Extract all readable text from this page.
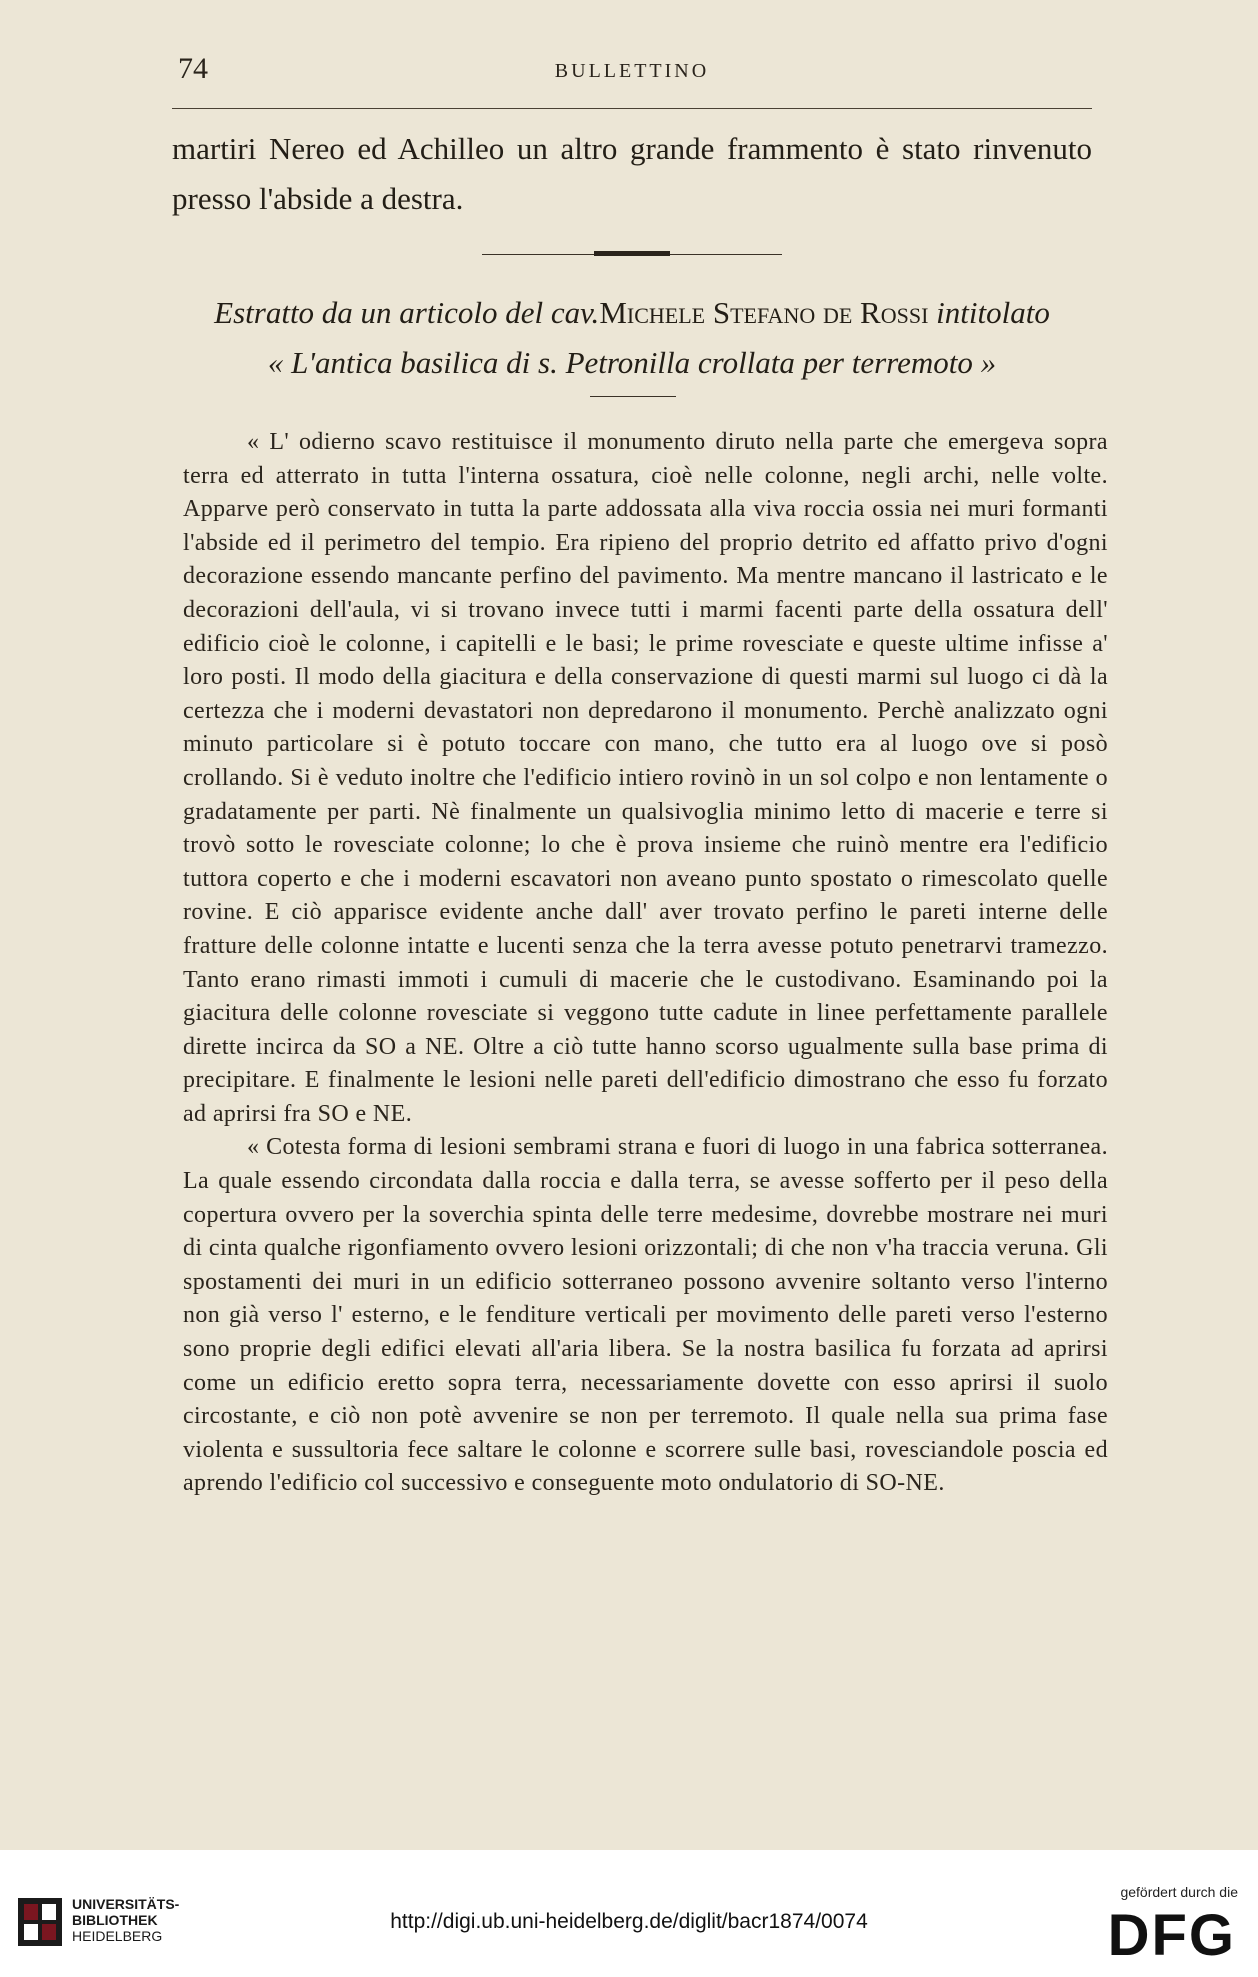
74	BULLETTINO
martiri Nereo ed Achilleo un altro grande frammento è stato rinvenuto presso l'abside a destra.
Estratto da un articolo del cav.Michele Stefano de Rossi intitolato
« L'antica basilica di s. Petronilla crollata per terremoto »

« L' odierno scavo restituisce il monumento diruto nella parte che emergeva sopra terra ed atterrato in tutta l'interna ossatura, cioè nelle colonne, negli archi, nelle volte. Apparve però conservato in tutta la parte addossata alla viva roccia ossia nei muri formanti l'abside ed il perimetro del tempio. Era ripieno del proprio detrito ed affatto privo d'ogni decorazione essendo mancante perfino del pavimento. Ma mentre mancano il lastricato e le decorazioni dell'aula, vi si trovano invece tutti i marmi facenti parte della ossatura dell' edificio cioè le colonne, i capitelli e le basi; le prime rovesciate e queste ultime infisse a' loro posti. Il modo della giacitura e della conservazione di questi marmi sul luogo ci dà la certezza che i moderni devastatori non depredarono il monumento. Perchè analizzato ogni minuto particolare si è potuto toccare con mano, che tutto era al luogo ove si posò crollando. Si è veduto inoltre che l'edificio intiero rovinò in un sol colpo e non lentamente o gradatamente per parti. Nè finalmente un qualsivoglia minimo letto di macerie e terre si trovò sotto le rovesciate colonne; lo che è prova insieme che ruinò mentre era l'edificio tuttora coperto e che i moderni escavatori non aveano punto spostato o rimescolato quelle rovine. E ciò apparisce evidente anche dall' aver trovato perfino le pareti interne delle fratture delle colonne intatte e lucenti senza che la terra avesse potuto penetrarvi tramezzo. Tanto erano rimasti immoti i cumuli di macerie che le custodivano. Esaminando poi la giacitura delle colonne rovesciate si veggono tutte cadute in linee perfettamente parallele dirette incirca da SO a NE. Oltre a ciò tutte hanno scorso ugualmente sulla base prima di precipitare. E finalmente le lesioni nelle pareti dell'edificio dimostrano che esso fu forzato ad aprirsi fra SO e NE.

« Cotesta forma di lesioni sembrami strana e fuori di luogo in una fabrica sotterranea. La quale essendo circondata dalla roccia e dalla terra, se avesse sofferto per il peso della copertura ovvero per la soverchia spinta delle terre medesime, dovrebbe mostrare nei muri di cinta qualche rigonfiamento ovvero lesioni orizzontali; di che non v'ha traccia veruna. Gli spostamenti dei muri in un edificio sotterraneo possono avvenire soltanto verso l'interno non già verso l' esterno, e le fenditure verticali per movimento delle pareti verso l'esterno sono proprie degli edifici elevati all'aria libera. Se la nostra basilica fu forzata ad aprirsi come un edificio eretto sopra terra, necessariamente dovette con esso aprirsi il suolo circostante, e ciò non potè avvenire se non per terremoto. Il quale nella sua prima fase violenta e sussultoria fece saltare le colonne e scorrere sulle basi, rovesciandole poscia ed aprendo l'edificio col successivo e conseguente moto ondulatorio di SO-NE.

UNIVERSITÄTS-
BIBLIOTHEK
HEIDELBERG
http://digi.ub.uni-heidelberg.de/diglit/bacr1874/0074
gefördert durch die
DFG
